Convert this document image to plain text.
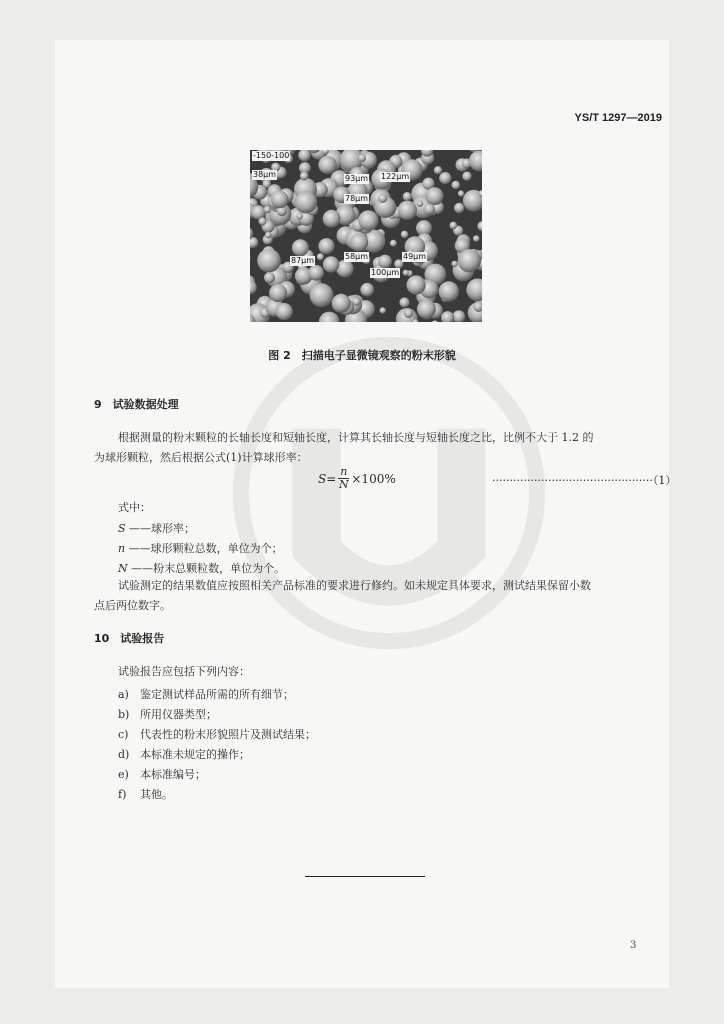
YS/T 1297—2019
-150-100
38μm	93μm 122μm
78μm
87μm	58μm	49μm
100μm
图 2　扫描电子显微镜观察的粉末形貌
9　试验数据处理
根据测量的粉末颗粒的长轴长度和短轴长度，计算其长轴长度与短轴长度之比，比例不大于 1.2 的
为球形颗粒，然后根据公式(1)计算球形率：
$S= \frac{n}{N} \times 100\%$	··············································（1）
式中：
S ——球形率；
n ——球形颗粒总数，单位为个；
N ——粉末总颗粒数，单位为个。
试验测定的结果数值应按照相关产品标准的要求进行修约。如未规定具体要求，测试结果保留小数
点后两位数字。
10　试验报告
试验报告应包括下列内容：
a) 鉴定测试样品所需的所有细节；
b) 所用仪器类型；
c) 代表性的粉末形貌照片及测试结果；
d) 本标准未规定的操作；
e) 本标准编号；
f) 其他。
3
